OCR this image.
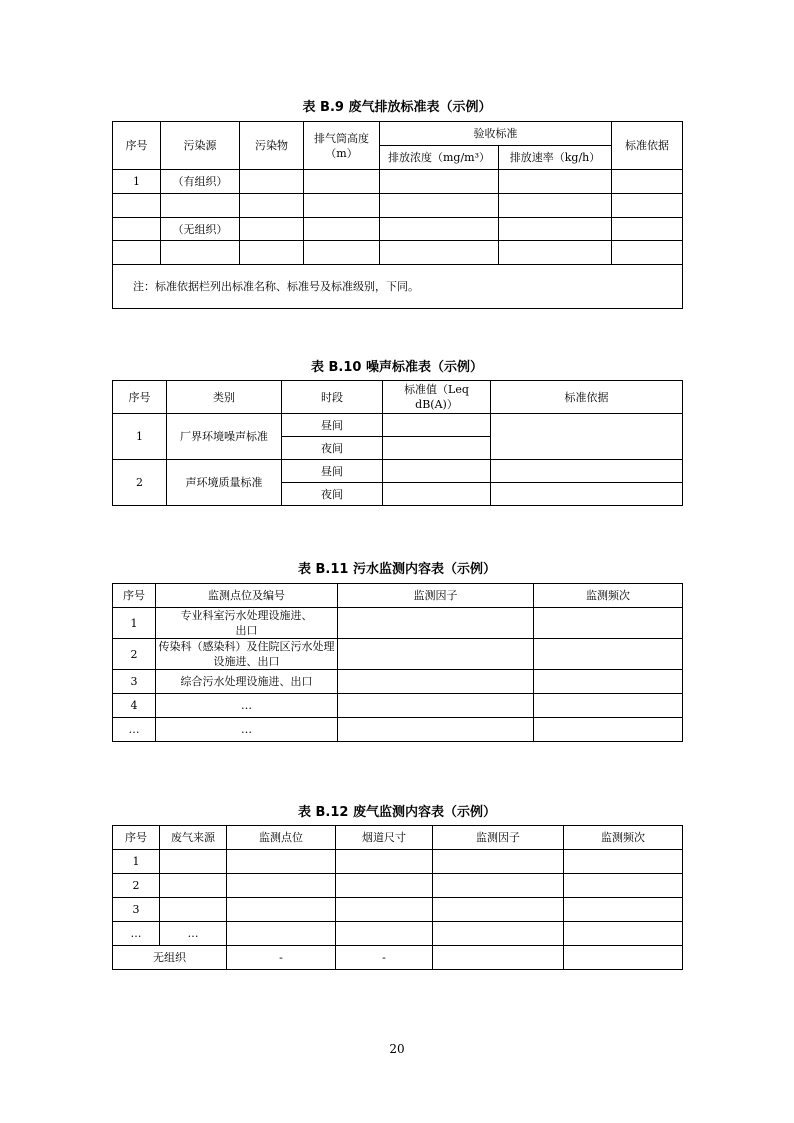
表 B.9 废气排放标准表（示例）
序号	污染源	污染物	排气筒高度（m）	验收标准		标准依据
				排放浓度（mg/m³）	排放速率（kg/h）	
1	（有组织）					

	（无组织）					

注：标准依据栏列出标准名称、标准号及标准级别，下同。						
表 B.10 噪声标准表（示例）
序号	类别	时段	标准值（Leq dB(A)）	标准依据
1	厂界环境噪声标准	昼间		
		夜间		
2	声环境质量标准	昼间		
		夜间		
表 B.11 污水监测内容表（示例）
序号	监测点位及编号	监测因子	监测频次
1	专业科室污水处理设施进、出口		
2	传染科（感染科）及住院区污水处理设施进、出口		
3	综合污水处理设施进、出口		
4	…		
…	…		
表 B.12 废气监测内容表（示例）
序号	废气来源	监测点位	烟道尺寸	监测因子	监测频次
1					
2					
3					
…	…				
无组织		-	-		
20
